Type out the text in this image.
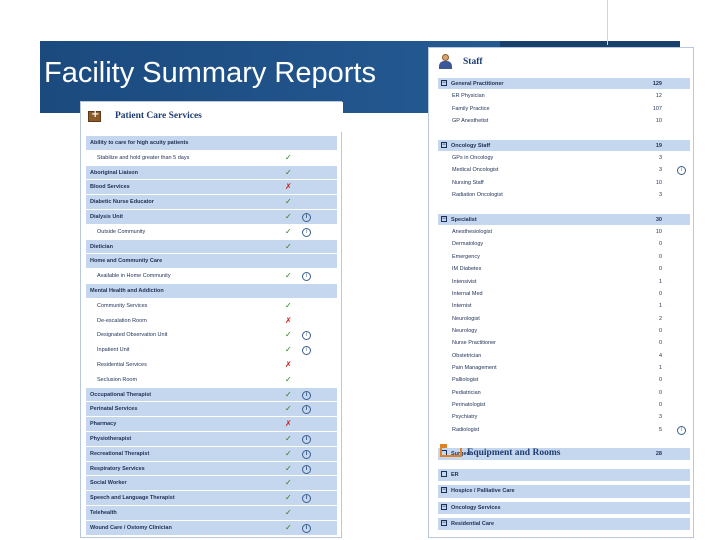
Facility Summary Reports
+
Patient Care Services
Ability to care for high acuity patients
Stabilize and hold greater than 5 days	✓
Aboriginal Liaison	✓
Blood Services	✗
Diabetic Nurse Educator	✓
Dialysis Unit	✓	i
Outside Community	✓	i
Dietician	✓
Home and Community Care
Available in Home Community	✓	i
Mental Health and Addiction
Community Services	✓
De-escalation Room	✗
Designated Observation Unit	✓	i
Inpatient Unit	✓	i
Residential Services	✗
Seclusion Room	✓
Occupational Therapist	✓	i
Perinatal Services	✓	i
Pharmacy	✗
Physiotherapist	✓	i
Recreational Therapist	✓	i
Respiratory Services	✓	i
Social Worker	✓
Speech and Language Therapist	✓	i
Telehealth	✓
Wound Care / Ostomy Clinician	✓	i
Staff
− General Practitioner	129
ER Physician	12
Family Practice	107
GP Anesthetist	10
− Oncology Staff	19
GPs in Oncology	3
Medical Oncologist	3	i
Nursing Staff	10
Radiation Oncologist	3
− Specialist	30
Anesthesiologist	10
Dermatology	0
Emergency	0
IM Diabetes	0
Intensivist	1
Internal Med	0
Internist	1
Neurologist	2
Neurology	0
Nurse Practitioner	0
Obstetrician	4
Pain Management	1
Palliologist	0
Pediatrician	0
Perinatologist	0
Psychiatry	3
Radiologist	5	i
Surgeon	28
Equipment and Rooms
ER
− Hospice / Palliative Care
− Oncology Services
− Residential Care
